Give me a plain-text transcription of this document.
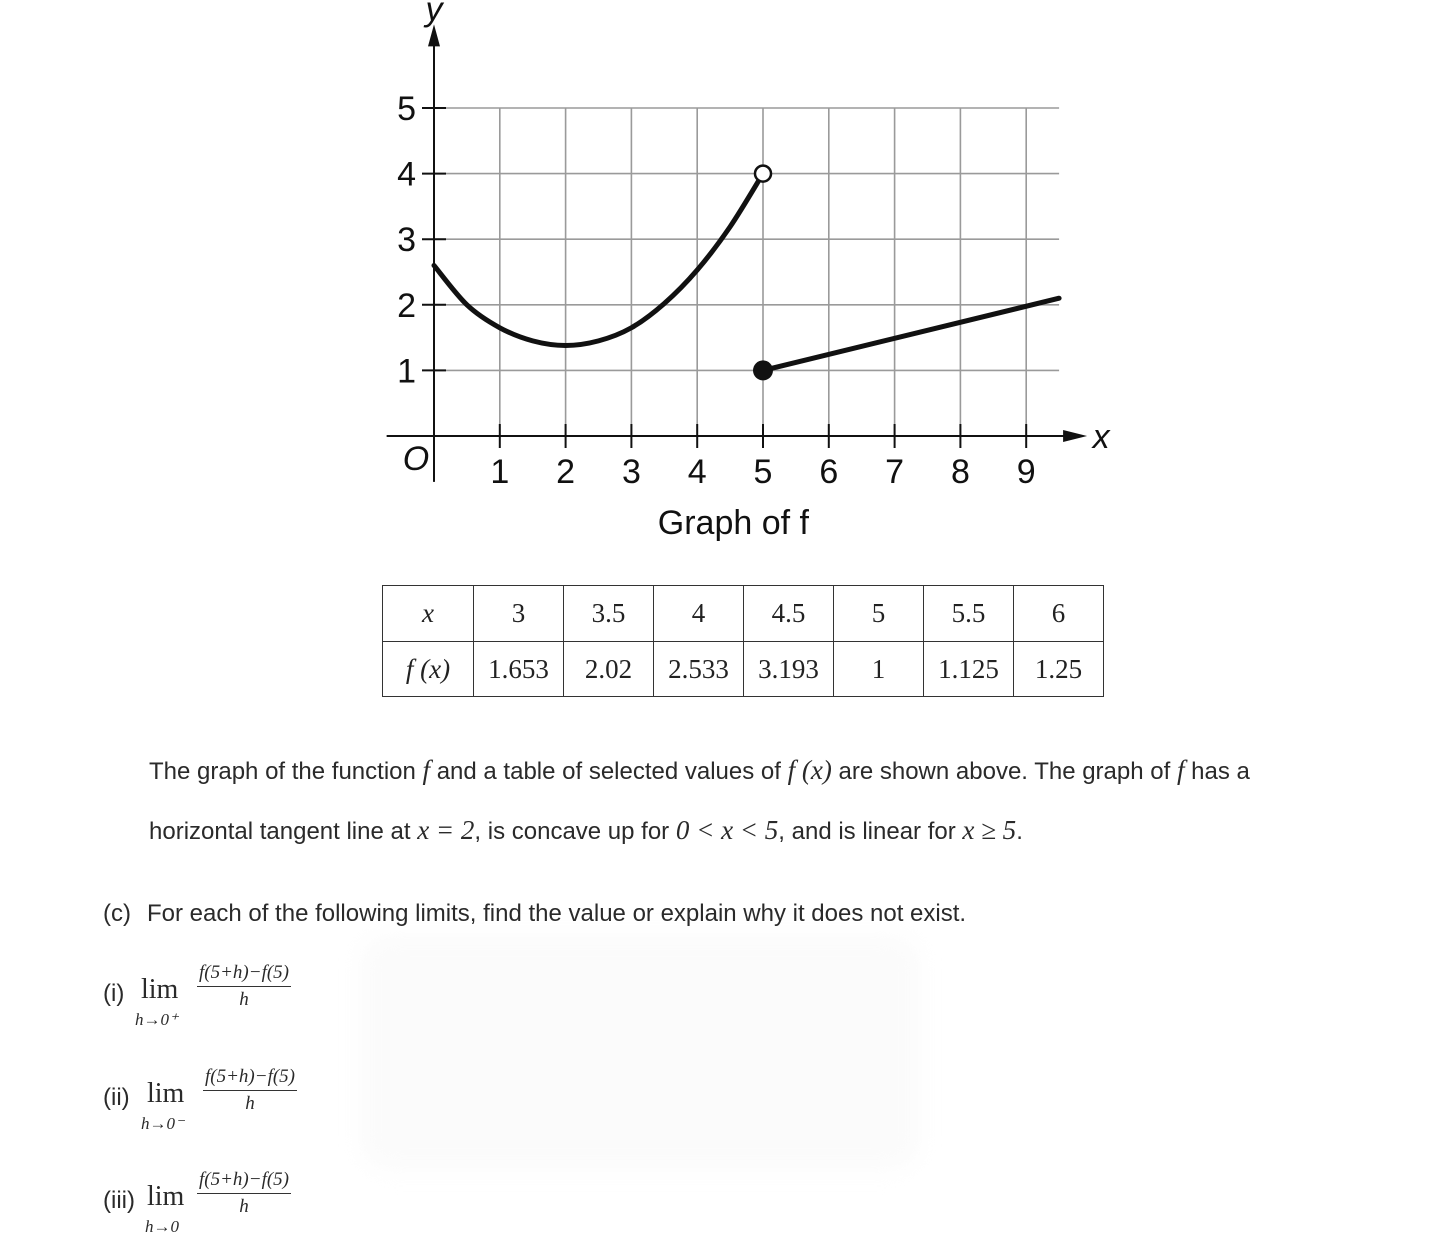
1 2 3 4 5 6 7 8 9
1
2
3
4
5
x
y
O
Graph of f
x	3	3.5	4	4.5	5	5.5	6
f (x)	1.653	2.02	2.533	3.193	1	1.125	1.25
The graph of the function f and a table of selected values of f (x) are shown above. The graph of f has a
horizontal tangent line at x = 2, is concave up for 0 < x < 5, and is linear for x ≥ 5.
(c) For each of the following limits, find the value or explain why it does not exist.
(i) lim
h→0⁺
$\frac{f(5+h)-f(5)}{h}$
(ii) lim
h→0⁻
$\frac{f(5+h)-f(5)}{h}$
(iii) lim
h→0
$\frac{f(5+h)-f(5)}{h}$
